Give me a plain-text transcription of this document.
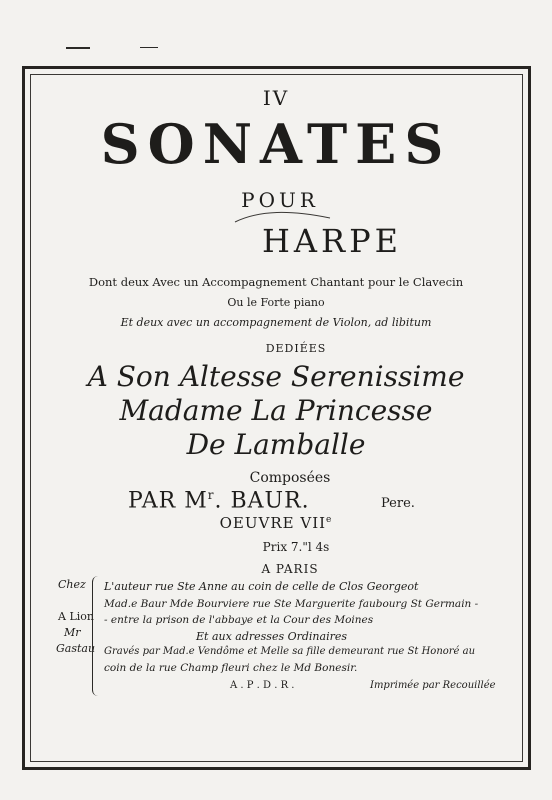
IV
SONATES
POUR
HARPE
Dont deux Avec un Accompagnement Chantant pour le Clavecin
Ou le Forte piano
Et deux avec un accompagnement de Violon, ad libitum
DEDIÉES
A Son Altesse Serenissime
Madame La Princesse
De Lamballe
Composées
PAR $M^r$. BAUR.	Pere.
OEUVRE VIIe
Prix 7."l 4s
A PARIS
Chez
A Lion
Mr
Gastau
L'auteur rue Ste Anne au coin de celle de Clos Georgeot
Mad.e Baur Mde Bourviere rue Ste Marguerite faubourg St Germain -
- entre la prison de l'abbaye et la Cour des Moines
Et aux adresses Ordinaires
Gravés par Mad.e Vendôme et Melle sa fille demeurant rue St Honoré au
coin de la rue Champ fleuri chez le Md Bonesir.
A . P . D . R .	Imprimée par Recouillée
